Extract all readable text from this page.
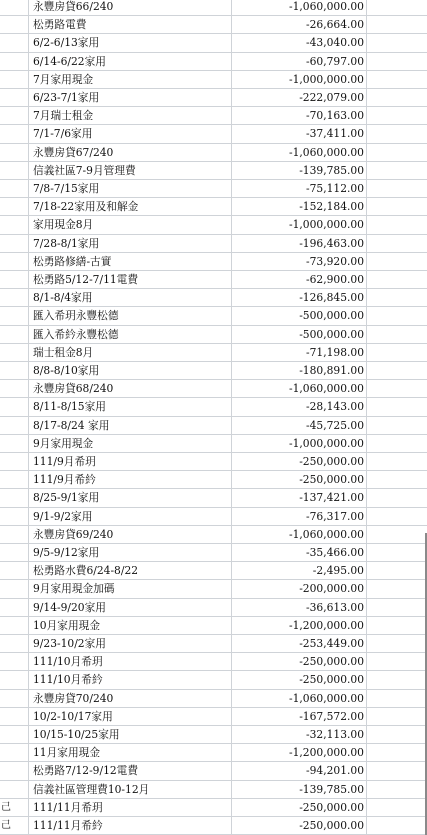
永豐房貸66/240	-1,060,000.00
松勇路電費	-26,664.00
6/2-6/13家用	-43,040.00
6/14-6/22家用	-60,797.00
7月家用現金	-1,000,000.00
6/23-7/1家用	-222,079.00
7月瑞士租金	-70,163.00
7/1-7/6家用	-37,411.00
永豐房貸67/240	-1,060,000.00
信義社區7-9月管理費	-139,785.00
7/8-7/15家用	-75,112.00
7/18-22家用及和解金	-152,184.00
家用現金8月	-1,000,000.00
7/28-8/1家用	-196,463.00
松勇路修繕-古實	-73,920.00
松勇路5/12-7/11電費	-62,900.00
8/1-8/4家用	-126,845.00
匯入希玥永豐松德	-500,000.00
匯入希紟永豐松德	-500,000.00
瑞士租金8月	-71,198.00
8/8-8/10家用	-180,891.00
永豐房貸68/240	-1,060,000.00
8/11-8/15家用	-28,143.00
8/17-8/24 家用	-45,725.00
9月家用現金	-1,000,000.00
111/9月希玥	-250,000.00
111/9月希紟	-250,000.00
8/25-9/1家用	-137,421.00
9/1-9/2家用	-76,317.00
永豐房貸69/240	-1,060,000.00
9/5-9/12家用	-35,466.00
松勇路水費6/24-8/22	-2,495.00
9月家用現金加碼	-200,000.00
9/14-9/20家用	-36,613.00
10月家用現金	-1,200,000.00
9/23-10/2家用	-253,449.00
111/10月希玥	-250,000.00
111/10月希紟	-250,000.00
永豐房貸70/240	-1,060,000.00
10/2-10/17家用	-167,572.00
10/15-10/25家用	-32,113.00
11月家用現金	-1,200,000.00
松勇路7/12-9/12電費	-94,201.00
信義社區管理費10-12月	-139,785.00
己	111/11月希玥	-250,000.00
己	111/11月希紟	-250,000.00
